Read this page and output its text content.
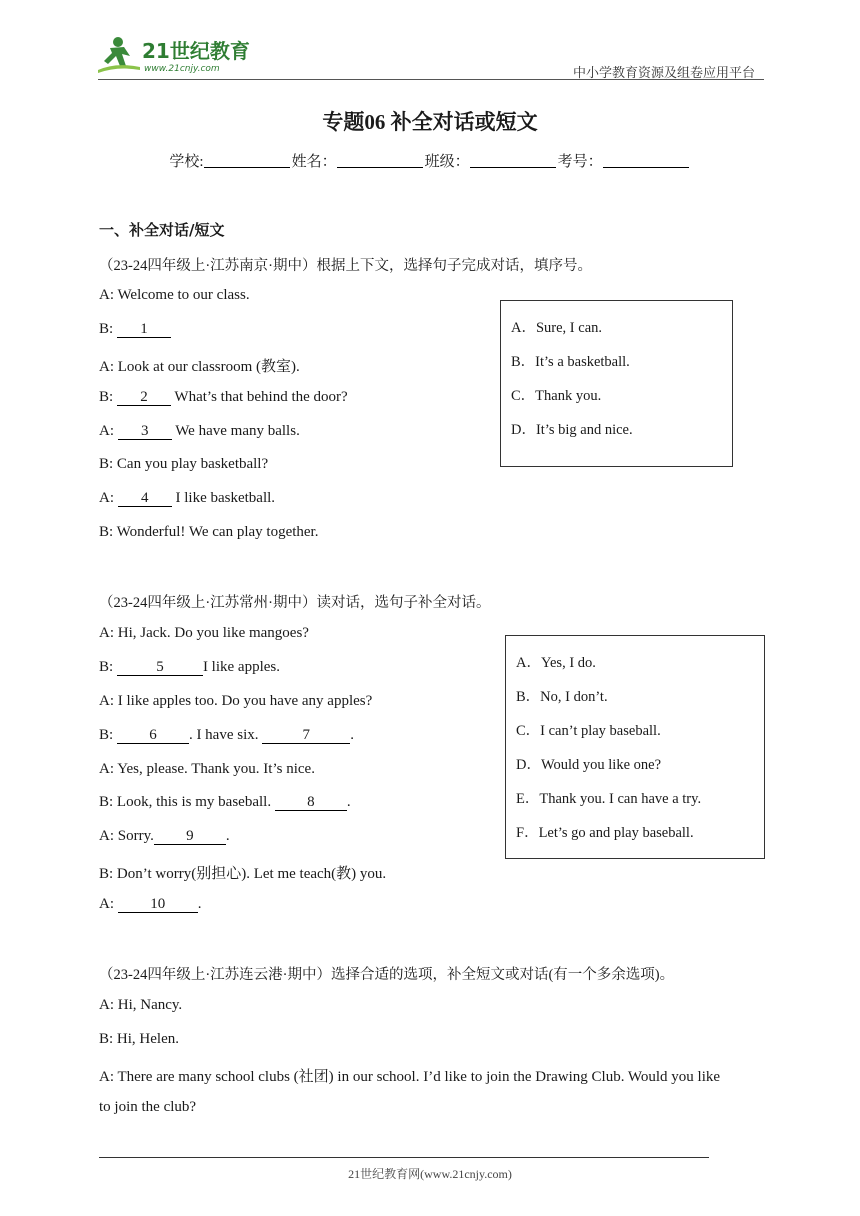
21世纪教育
www.21cnjy.com	中小学教育资源及组卷应用平台
专题06 补全对话或短文
学校:	姓名：	班级：	考号：
一、补全对话/短文
（23-24四年级上·江苏南京·期中）根据上下文，选择句子完成对话，填序号。
A: Welcome to our class.
B: 1
A: Look at our classroom (教室).
B: 2 What’s that behind the door?
A: 3 We have many balls.
B: Can you play basketball?
A: 4 I like basketball.
B: Wonderful! We can play together.
A．Sure, I can.
B．It’s a basketball.
C．Thank you.
D．It’s big and nice.
（23-24四年级上·江苏常州·期中）读对话，选句子补全对话。
A: Hi, Jack. Do you like mangoes?
B:	5	I like apples.
A: I like apples too. Do you have any apples?
B: 6 . I have six.	7	.
A: Yes, please. Thank you. It’s nice.
B: Look, this is my baseball. 8 .
A: Sorry. 9 .
B: Don’t worry(别担心). Let me teach(教) you.
A: 10 .
A．Yes, I do.
B．No, I don’t.
C．I can’t play baseball.
D．Would you like one?
E．Thank you. I can have a try.
F．Let’s go and play baseball.
（23-24四年级上·江苏连云港·期中）选择合适的选项，补全短文或对话(有一个多余选项)。
A: Hi, Nancy.
B: Hi, Helen.
A: There are many school clubs (社团) in our school. I’d like to join the Drawing Club. Would you like
to join the club?
21世纪教育网(www.21cnjy.com)
